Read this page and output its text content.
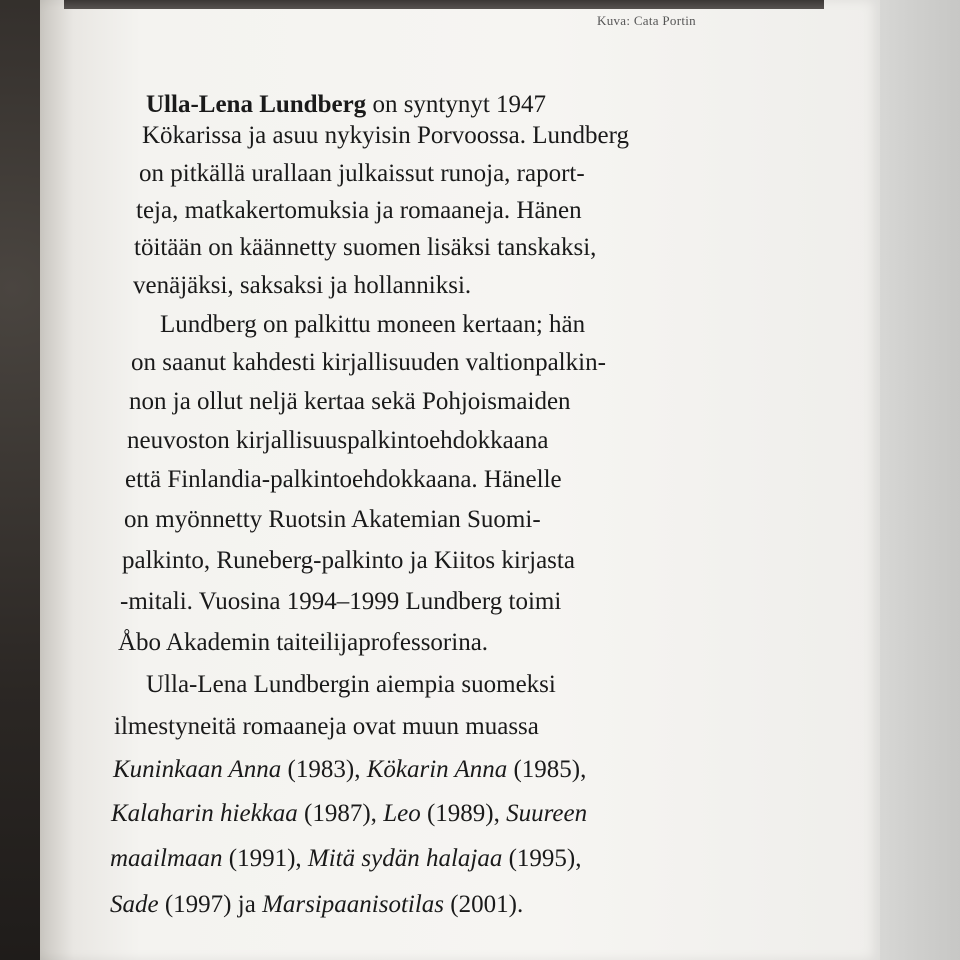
Kuva: Cata Portin
Ulla-Lena Lundberg on syntynyt 1947
Kökarissa ja asuu nykyisin Porvoossa. Lundberg
on pitkällä urallaan julkaissut runoja, raport-
teja, matkakertomuksia ja romaaneja. Hänen
töitään on käännetty suomen lisäksi tanskaksi,
venäjäksi, saksaksi ja hollanniksi.
Lundberg on palkittu moneen kertaan; hän
on saanut kahdesti kirjallisuuden valtionpalkin-
non ja ollut neljä kertaa sekä Pohjoismaiden
neuvoston kirjallisuuspalkintoehdokkaana
että Finlandia-palkintoehdokkaana. Hänelle
on myönnetty Ruotsin Akatemian Suomi-
palkinto, Runeberg-palkinto ja Kiitos kirjasta
-mitali. Vuosina 1994–1999 Lundberg toimi
Åbo Akademin taiteilijaprofessorina.
Ulla-Lena Lundbergin aiempia suomeksi
ilmestyneitä romaaneja ovat muun muassa
Kuninkaan Anna (1983), Kökarin Anna (1985),
Kalaharin hiekkaa (1987), Leo (1989), Suureen
maailmaan (1991), Mitä sydän halajaa (1995),
Sade (1997) ja Marsipaanisotilas (2001).
